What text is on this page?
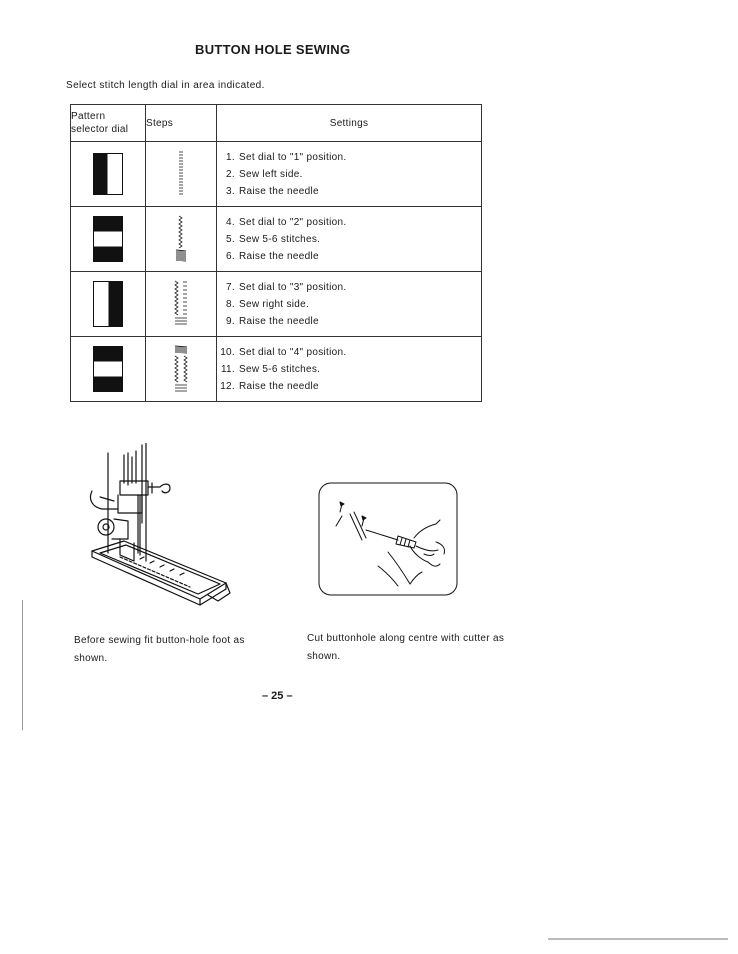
BUTTON HOLE SEWING
Select stitch length dial in area indicated.
Pattern selector dial	Steps	Settings

1. Set dial to "1" position.
2. Sew left side.
3. Raise the needle

4. Set dial to "2" position.
5. Sew 5-6 stitches.
6. Raise the needle

7. Set dial to "3" position.
8. Sew right side.
9. Raise the needle

10. Set dial to "4" position.
11. Sew 5-6 stitches.
12. Raise the needle
Before sewing fit button-hole foot as shown.
Cut buttonhole along centre with cutter as shown.
– 25 –
